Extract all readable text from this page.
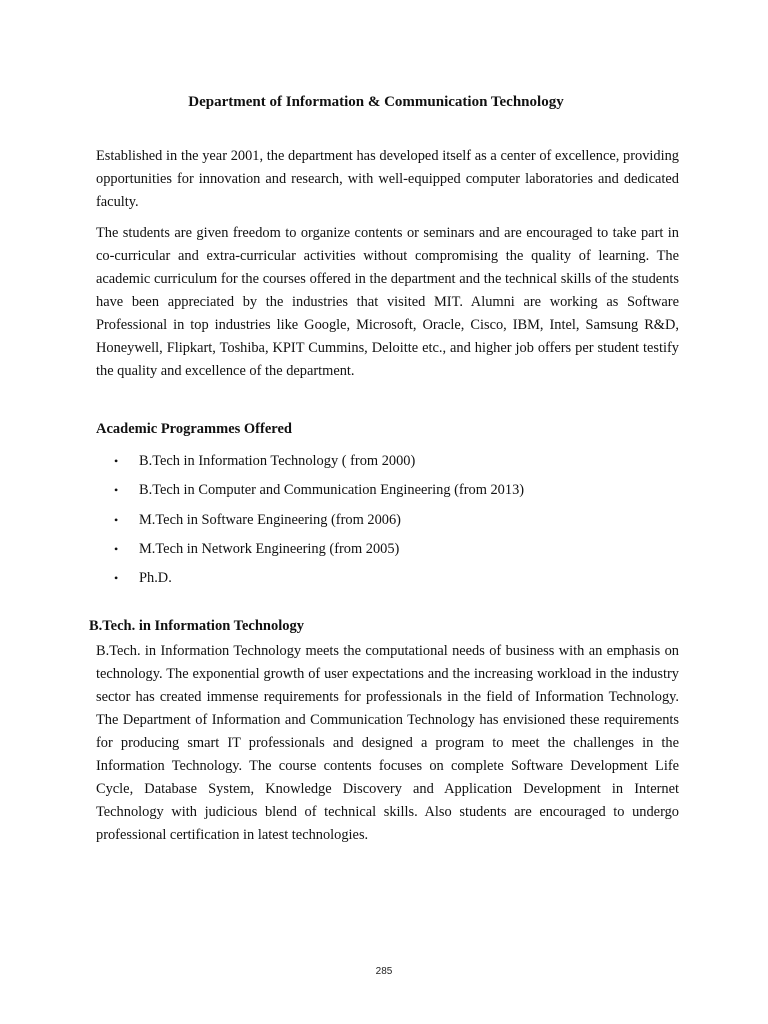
Department of Information & Communication Technology

Established in the year 2001, the department has developed itself as a center of excellence, providing opportunities for innovation and research, with well-equipped computer laboratories and dedicated faculty.

The students are given freedom to organize contents or seminars and are encouraged to take part in co-curricular and extra-curricular activities without compromising the quality of learning. The academic curriculum for the courses offered in the department and the technical skills of the students have been appreciated by the industries that visited MIT. Alumni are working as Software Professional in top industries like Google, Microsoft, Oracle, Cisco, IBM, Intel, Samsung R&D, Honeywell, Flipkart, Toshiba, KPIT Cummins, Deloitte etc., and higher job offers per student testify the quality and excellence of the department.

Academic Programmes Offered
• B.Tech in Information Technology ( from 2000)
• B.Tech in Computer and Communication Engineering (from 2013)
• M.Tech in Software Engineering (from 2006)
• M.Tech in Network Engineering (from 2005)
• Ph.D.
B.Tech. in Information Technology

B.Tech. in Information Technology meets the computational needs of business with an emphasis on technology. The exponential growth of user expectations and the increasing workload in the industry sector has created immense requirements for professionals in the field of Information Technology. The Department of Information and Communication Technology has envisioned these requirements for producing smart IT professionals and designed a program to meet the challenges in the Information Technology. The course contents focuses on complete Software Development Life Cycle, Database System, Knowledge Discovery and Application Development in Internet Technology with judicious blend of technical skills. Also students are encouraged to undergo professional certification in latest technologies.

285
